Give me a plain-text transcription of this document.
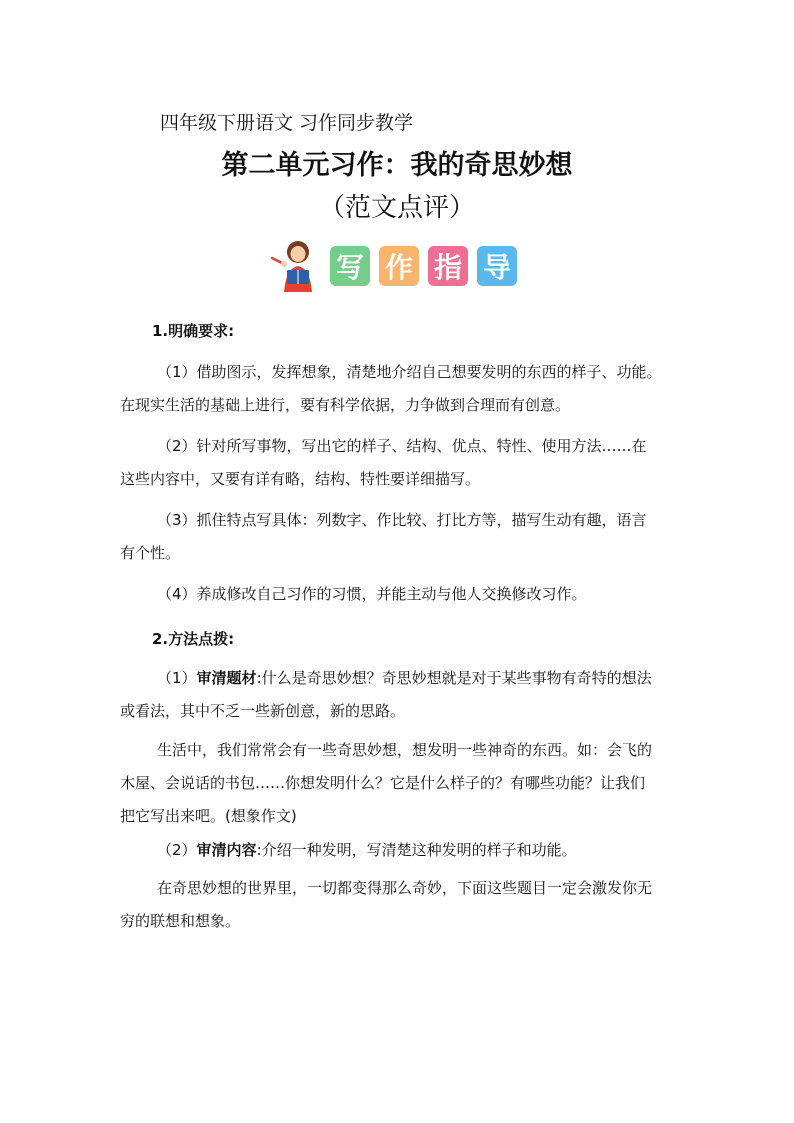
四年级下册语文 习作同步教学
第二单元习作：我的奇思妙想
（范文点评）
写 作 指 导
1.明确要求:
（1）借助图示，发挥想象，清楚地介绍自己想要发明的东西的样子、功能。
在现实生活的基础上进行，要有科学依据，力争做到合理而有创意。
（2）针对所写事物，写出它的样子、结构、优点、特性、使用方法……在
这些内容中，又要有详有略，结构、特性要详细描写。
（3）抓住特点写具体：列数字、作比较、打比方等，描写生动有趣，语言
有个性。
（4）养成修改自己习作的习惯，并能主动与他人交换修改习作。
2.方法点拨:
（1）审清题材:什么是奇思妙想？奇思妙想就是对于某些事物有奇特的想法
或看法，其中不乏一些新创意，新的思路。
生活中，我们常常会有一些奇思妙想，想发明一些神奇的东西。如：会飞的
木屋、会说话的书包……你想发明什么？它是什么样子的？有哪些功能？让我们
把它写出来吧。(想象作文)
（2）审清内容:介绍一种发明，写清楚这种发明的样子和功能。
在奇思妙想的世界里，一切都变得那么奇妙，下面这些题目一定会激发你无
穷的联想和想象。
